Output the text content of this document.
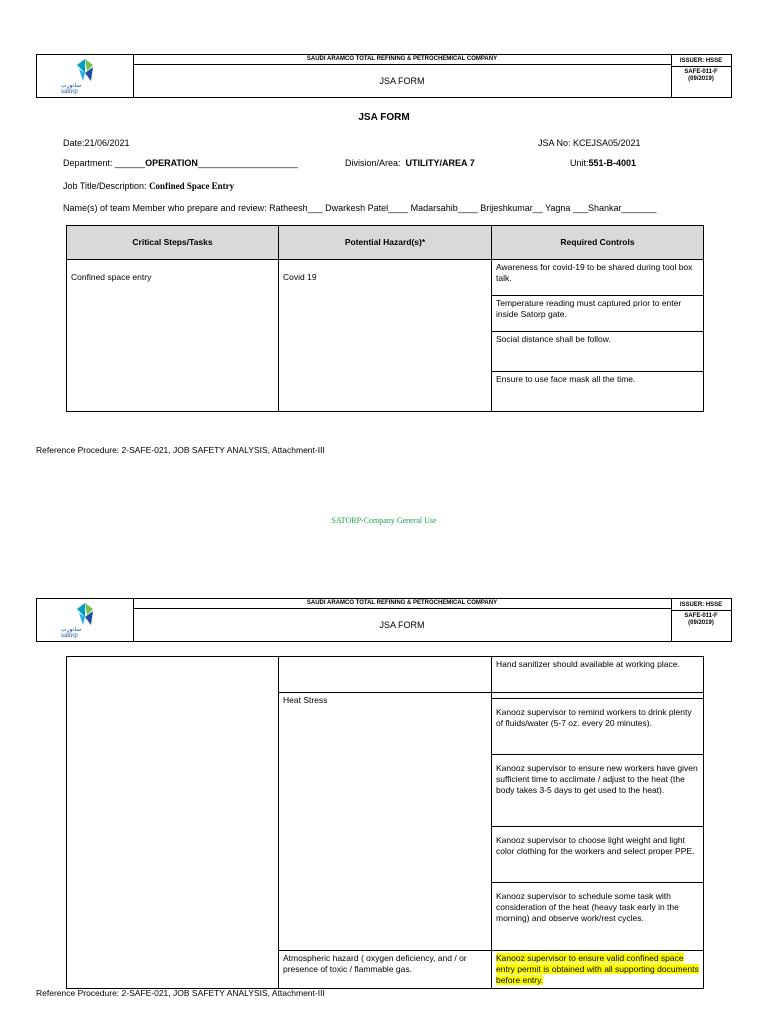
ساتورب
satorp
SAUDI ARAMCO TOTAL REFINING & PETROCHEMICAL COMPANY
JSA FORM
ISSUER: HSSE
SAFE-011-F
(09/2019)
JSA FORM
Date:21/06/2021	JSA No: KCEJSA05/2021
Department: ______OPERATION____________________	Division/Area: UTILITY/AREA 7	Unit:551-B-4001
Job Title/Description: Confined Space Entry
Name(s) of team Member who prepare and review: Ratheesh___ Dwarkesh Patel____ Madarsahib____ Brijeshkumar__ Yagna ___Shankar_______
Critical Steps/Tasks	Potential Hazard(s)*	Required Controls
Confined space entry	Covid 19	Awareness for covid-19 to be shared during tool box talk.
		Temperature reading must captured prior to enter inside Satorp gate.
		Social distance shall be follow.
		Ensure to use face mask all the time.
Reference Procedure: 2-SAFE-021, JOB SAFETY ANALYSIS, Attachment-III
SATORP-Company General Use
ساتورب
satorp
SAUDI ARAMCO TOTAL REFINING & PETROCHEMICAL COMPANY
JSA FORM
ISSUER: HSSE
SAFE-011-F
(09/2019)
		Hand sanitizer should available at working place.
	Heat Stress	
		Kanooz supervisor to remind workers to drink plenty of fluids/water (5-7 oz. every 20 minutes).
		Kanooz supervisor to ensure new workers have given sufficient time to acclimate / adjust to the heat (the body takes 3-5 days to get used to the heat).
		Kanooz supervisor to choose light weight and light color clothing for the workers and select proper PPE.
		Kanooz supervisor to schedule some task with consideration of the heat (heavy task early in the morning) and observe work/rest cycles.
	Atmospheric hazard ( oxygen deficiency, and / or presence of toxic / flammable gas.	Kanooz supervisor to ensure valid confined space entry permit is obtained with all supporting documents before entry.
Reference Procedure: 2-SAFE-021, JOB SAFETY ANALYSIS, Attachment-III
